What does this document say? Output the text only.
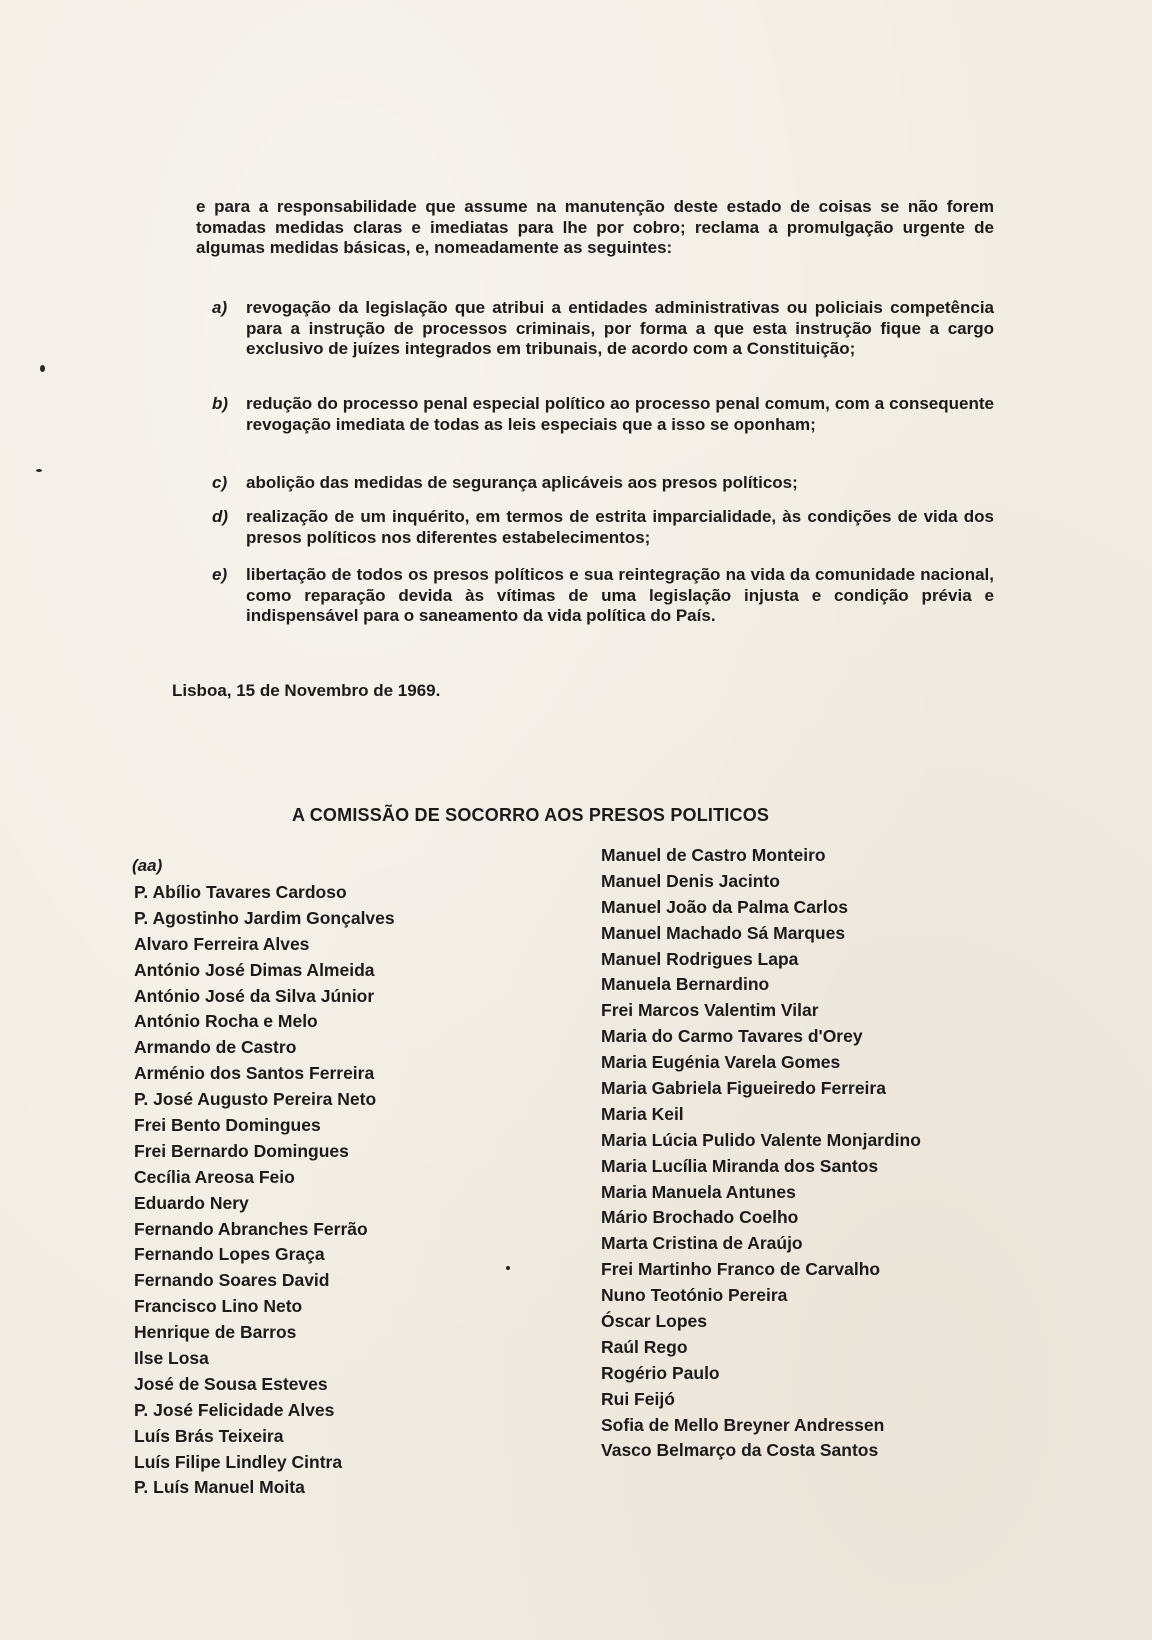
e para a responsabilidade que assume na manutenção deste estado de coisas se não forem tomadas medidas claras e imediatas para lhe por cobro; reclama a promulgação urgente de algumas medidas básicas, e, nomeadamente as seguintes:

a)	revogação da legislação que atribui a entidades administrativas ou policiais competência para a instrução de processos criminais, por forma a que esta instrução fique a cargo exclusivo de juízes integrados em tribunais, de acordo com a Constituição;
b)	redução do processo penal especial político ao processo penal comum, com a consequente revogação imediata de todas as leis especiais que a isso se oponham;
c)	abolição das medidas de segurança aplicáveis aos presos políticos;
d)	realização de um inquérito, em termos de estrita imparcialidade, às condições de vida dos presos políticos nos diferentes estabelecimentos;
e)	libertação de todos os presos políticos e sua reintegração na vida da comunidade nacional, como reparação devida às vítimas de uma legislação injusta e condição prévia e indispensável para o saneamento da vida política do País.
Lisboa, 15 de Novembro de 1969.
A COMISSÃO DE SOCORRO AOS PRESOS POLITICOS
(aa)
P. Abílio Tavares Cardoso
P. Agostinho Jardim Gonçalves
Alvaro Ferreira Alves
António José Dimas Almeida
António José da Silva Júnior
António Rocha e Melo
Armando de Castro
Arménio dos Santos Ferreira
P. José Augusto Pereira Neto
Frei Bento Domingues
Frei Bernardo Domingues
Cecília Areosa Feio
Eduardo Nery
Fernando Abranches Ferrão
Fernando Lopes Graça
Fernando Soares David
Francisco Lino Neto
Henrique de Barros
Ilse Losa
José de Sousa Esteves
P. José Felicidade Alves
Luís Brás Teixeira
Luís Filipe Lindley Cintra
P. Luís Manuel Moita
Manuel de Castro Monteiro
Manuel Denis Jacinto
Manuel João da Palma Carlos
Manuel Machado Sá Marques
Manuel Rodrigues Lapa
Manuela Bernardino
Frei Marcos Valentim Vilar
Maria do Carmo Tavares d'Orey
Maria Eugénia Varela Gomes
Maria Gabriela Figueiredo Ferreira
Maria Keil
Maria Lúcia Pulido Valente Monjardino
Maria Lucília Miranda dos Santos
Maria Manuela Antunes
Mário Brochado Coelho
Marta Cristina de Araújo
Frei Martinho Franco de Carvalho
Nuno Teotónio Pereira
Óscar Lopes
Raúl Rego
Rogério Paulo
Rui Feijó
Sofia de Mello Breyner Andressen
Vasco Belmarço da Costa Santos
